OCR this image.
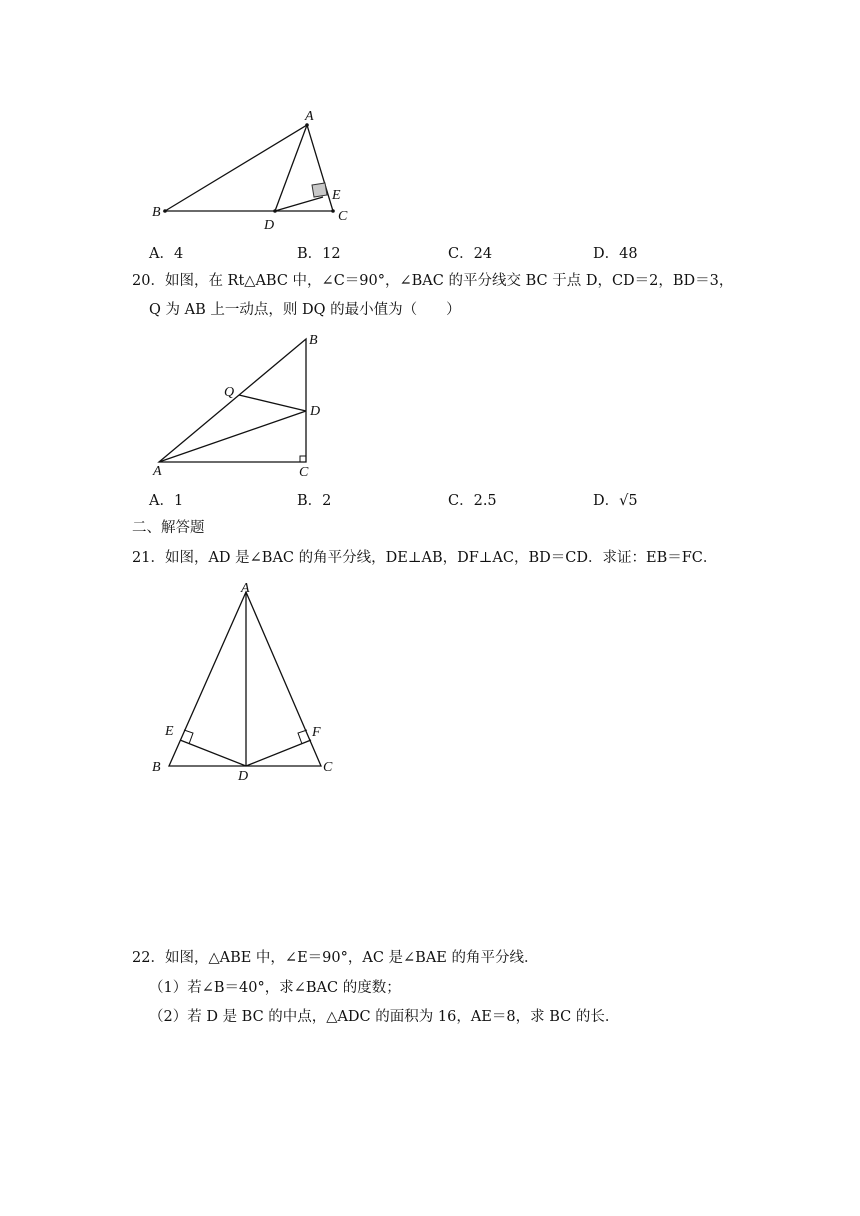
A
B	C
D
E
A．4	B．12	C．24	D．48
20．如图，在 Rt△ABC 中，∠C＝90°，∠BAC 的平分线交 BC 于点 D，CD＝2，BD＝3，
Q 为 AB 上一动点，则 DQ 的最小值为（　　）
A
B
C
D
Q
A．1	B．2	C．2.5	D．√5
二、解答题
21．如图，AD 是∠BAC 的角平分线，DE⊥AB，DF⊥AC，BD＝CD．求证：EB＝FC．
A
B	C
D
E	F
22．如图，△ABE 中，∠E＝90°，AC 是∠BAE 的角平分线．
（1）若∠B＝40°，求∠BAC 的度数；
（2）若 D 是 BC 的中点，△ADC 的面积为 16，AE＝8，求 BC 的长．
